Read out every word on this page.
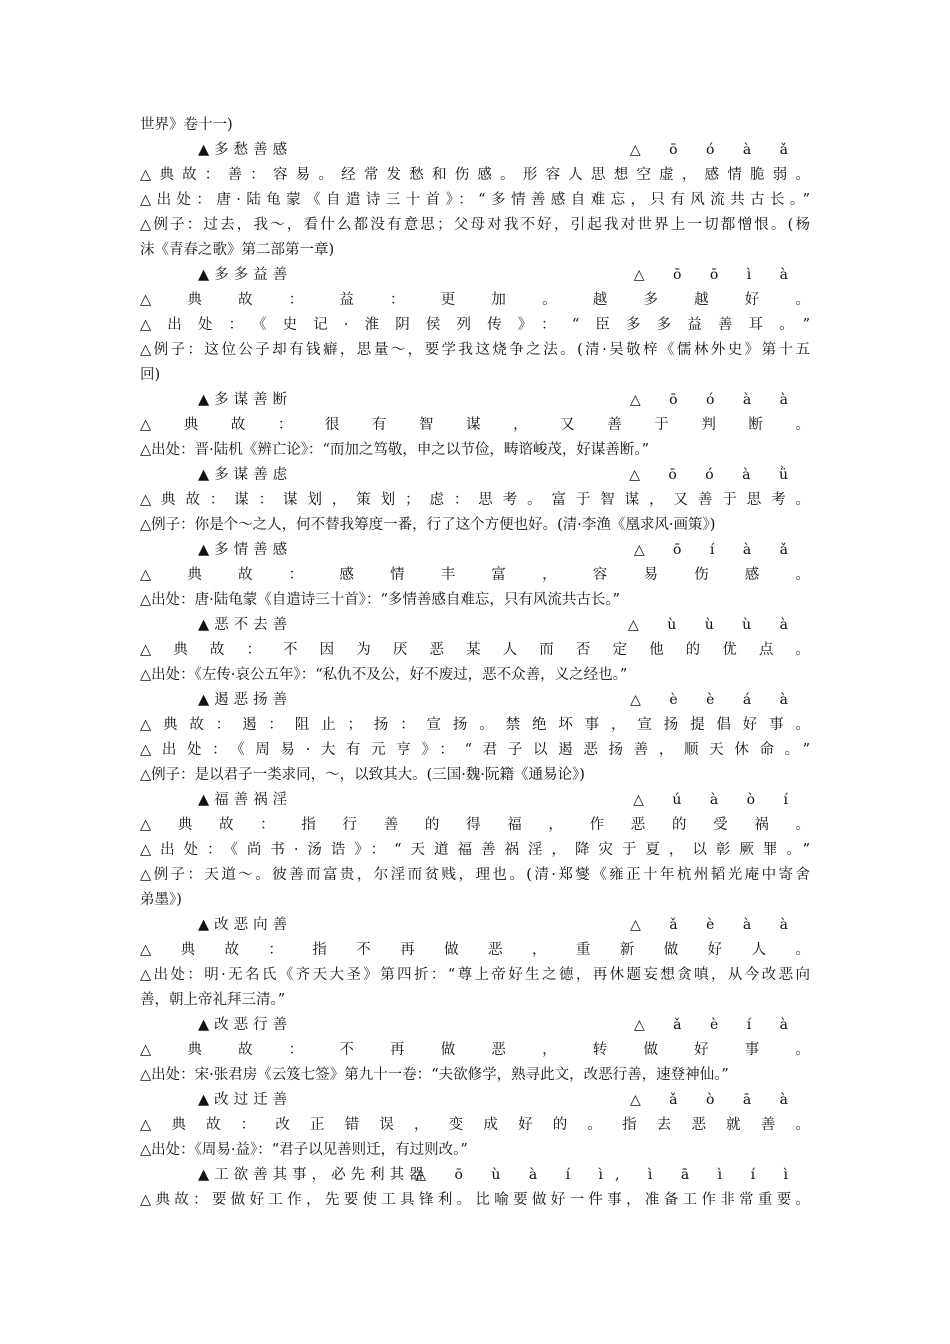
世界》卷十一)
▲多愁善感	△ ō ó à ǎ
△典故：善：容易。经常发愁和伤感。形容人思想空虚，感情脆弱。
△出处：唐·陆龟蒙《自遣诗三十首》：“多情善感自难忘，只有风流共古长。”
△例子：过去，我～，看什么都没有意思；父母对我不好，引起我对世界上一切都憎恨。(杨
沫《青春之歌》第二部第一章)
▲多多益善	△ ō ō ì à
△ 典 故 ： 益 ： 更 加 。 越 多 越 好 。
△出处：《史记·淮阴侯列传》：“臣多多益善耳。”
△例子：这位公子却有钱癖，思量～，要学我这烧争之法。(清·吴敬梓《儒林外史》第十五
回)
▲多谋善断	△ ō ó à à
△ 典 故 ： 很 有 智 谋 ， 又 善 于 判 断 。
△出处：晋·陆机《辨亡论》：“而加之笃敬，申之以节俭，畴谘峻茂，好谋善断。”
▲多谋善虑	△ ō ó à ǜ
△典故：谋：谋划，策划；虑：思考。富于智谋，又善于思考。
△例子：你是个～之人，何不替我筹度一番，行了这个方便也好。(清·李渔《凰求风·画策》)
▲多情善感	△ ō í à ǎ
△ 典 故 ： 感 情 丰 富 ， 容 易 伤 感 。
△出处：唐·陆龟蒙《自遣诗三十首》：“多情善感自难忘，只有风流共古长。”
▲恶不去善	△ ù ù ù à
△ 典 故 ： 不 因 为 厌 恶 某 人 而 否 定 他 的 优 点 。
△出处：《左传·哀公五年》：“私仇不及公，好不废过，恶不众善，义之经也。”
▲遏恶扬善	△ è è á à
△典故：遏：阻止；扬：宣扬。禁绝坏事，宣扬提倡好事。
△出处：《周易·大有元亨》：“君子以遏恶扬善，顺天休命。”
△例子：是以君子一类求同，～，以致其大。(三国·魏·阮籍《通易论》)
▲福善祸淫	△ ú à ò í
△ 典 故 ： 指 行 善 的 得 福 ， 作 恶 的 受 祸 。
△出处：《尚书·汤诰》：“天道福善祸淫，降灾于夏，以彰厥罪。”
△例子：天道～。彼善而富贵，尔淫而贫贱，理也。(清·郑燮《雍正十年杭州韬光庵中寄舍
弟墨》)
▲改恶向善	△ ǎ è à à
△ 典 故 ： 指 不 再 做 恶 ， 重 新 做 好 人 。
△出处：明·无名氏《齐天大圣》第四折：“尊上帝好生之德，再休题妄想贪嗔，从今改恶向
善，朝上帝礼拜三清。”
▲改恶行善	△ ǎ è í à
△ 典 故 ： 不 再 做 恶 ， 转 做 好 事 。
△出处：宋·张君房《云笈七签》第九十一卷：“夫欲修学，熟寻此文，改恶行善，速登神仙。”
▲改过迁善	△ ǎ ò ā à
△ 典 故 ： 改 正 错 误 ， 变 成 好 的 。 指 去 恶 就 善 。
△出处：《周易·益》：“君子以见善则迁，有过则改。”
▲工欲善其事，必先利其器
△ ō ù à í ì, ì ā ì í ì
△典故：要做好工作，先要使工具锋利。比喻要做好一件事，准备工作非常重要。
